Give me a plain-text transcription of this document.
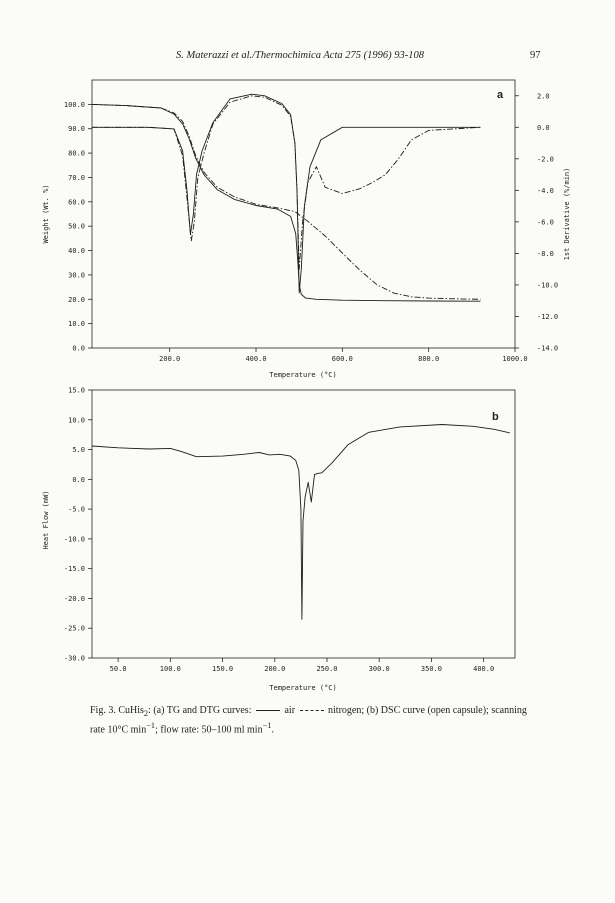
S. Materazzi et al./Thermochimica Acta 275 (1996) 93-108	97
0.0
10.0
20.0
30.0
40.0
50.0
60.0
70.0
80.0
90.0
100.0
-14.0
-12.0
-10.0
-8.0
-6.0
-4.0
-2.0
0.0
2.0
200.0	400.0	600.0	800.0	1000.0
a
Temperature (°C)
Weight (Wt. %)	1st Derivative (%/min)
-30.0
-25.0
-20.0
-15.0
-10.0
-5.0
0.0
5.0
10.0
15.0
50.0	100.0	150.0	200.0	250.0	300.0	350.0	400.0
b
Temperature (°C)
Heat Flow (mW)
Fig. 3. CuHis$_2$: (a) TG and DTG curves:	air	nitrogen; (b) DSC curve (open capsule); scanning rate 10°C $\min^{-1}$; flow rate: 50–100 ml $\min^{-1}$.
